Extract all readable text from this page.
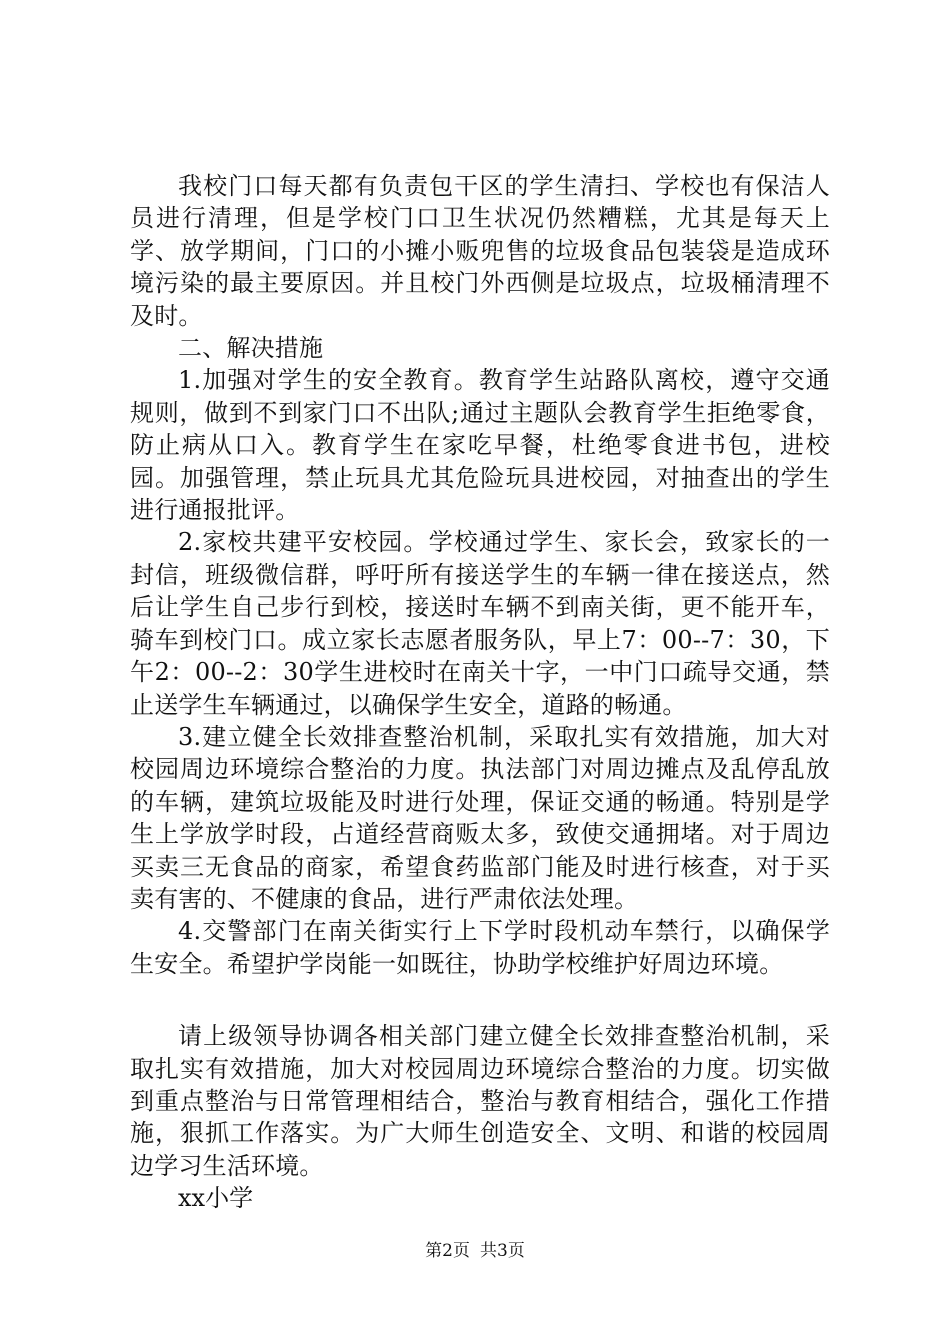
我校门口每天都有负责包干区的学生清扫、学校也有保洁人员进行清理，但是学校门口卫生状况仍然糟糕，尤其是每天上学、放学期间，门口的小摊小贩兜售的垃圾食品包装袋是造成环境污染的最主要原因。并且校门外西侧是垃圾点，垃圾桶清理不及时。

二、解决措施

1.加强对学生的安全教育。教育学生站路队离校，遵守交通规则，做到不到家门口不出队;通过主题队会教育学生拒绝零食，防止病从口入。教育学生在家吃早餐，杜绝零食进书包，进校园。加强管理，禁止玩具尤其危险玩具进校园，对抽查出的学生进行通报批评。

2.家校共建平安校园。学校通过学生、家长会，致家长的一封信，班级微信群，呼吁所有接送学生的车辆一律在接送点，然后让学生自己步行到校，接送时车辆不到南关街，更不能开车，骑车到校门口。成立家长志愿者服务队，早上7：00--7：30，下午2：00--2：30学生进校时在南关十字，一中门口疏导交通，禁止送学生车辆通过，以确保学生安全，道路的畅通。

3.建立健全长效排查整治机制，采取扎实有效措施，加大对校园周边环境综合整治的力度。执法部门对周边摊点及乱停乱放的车辆，建筑垃圾能及时进行处理，保证交通的畅通。特别是学生上学放学时段，占道经营商贩太多，致使交通拥堵。对于周边买卖三无食品的商家，希望食药监部门能及时进行核查，对于买卖有害的、不健康的食品，进行严肃依法处理。

4.交警部门在南关街实行上下学时段机动车禁行，以确保学生安全。希望护学岗能一如既往，协助学校维护好周边环境。

请上级领导协调各相关部门建立健全长效排查整治机制，采取扎实有效措施，加大对校园周边环境综合整治的力度。切实做到重点整治与日常管理相结合，整治与教育相结合，强化工作措施，狠抓工作落实。为广大师生创造安全、文明、和谐的校园周边学习生活环境。

xx小学

第2页 共3页
